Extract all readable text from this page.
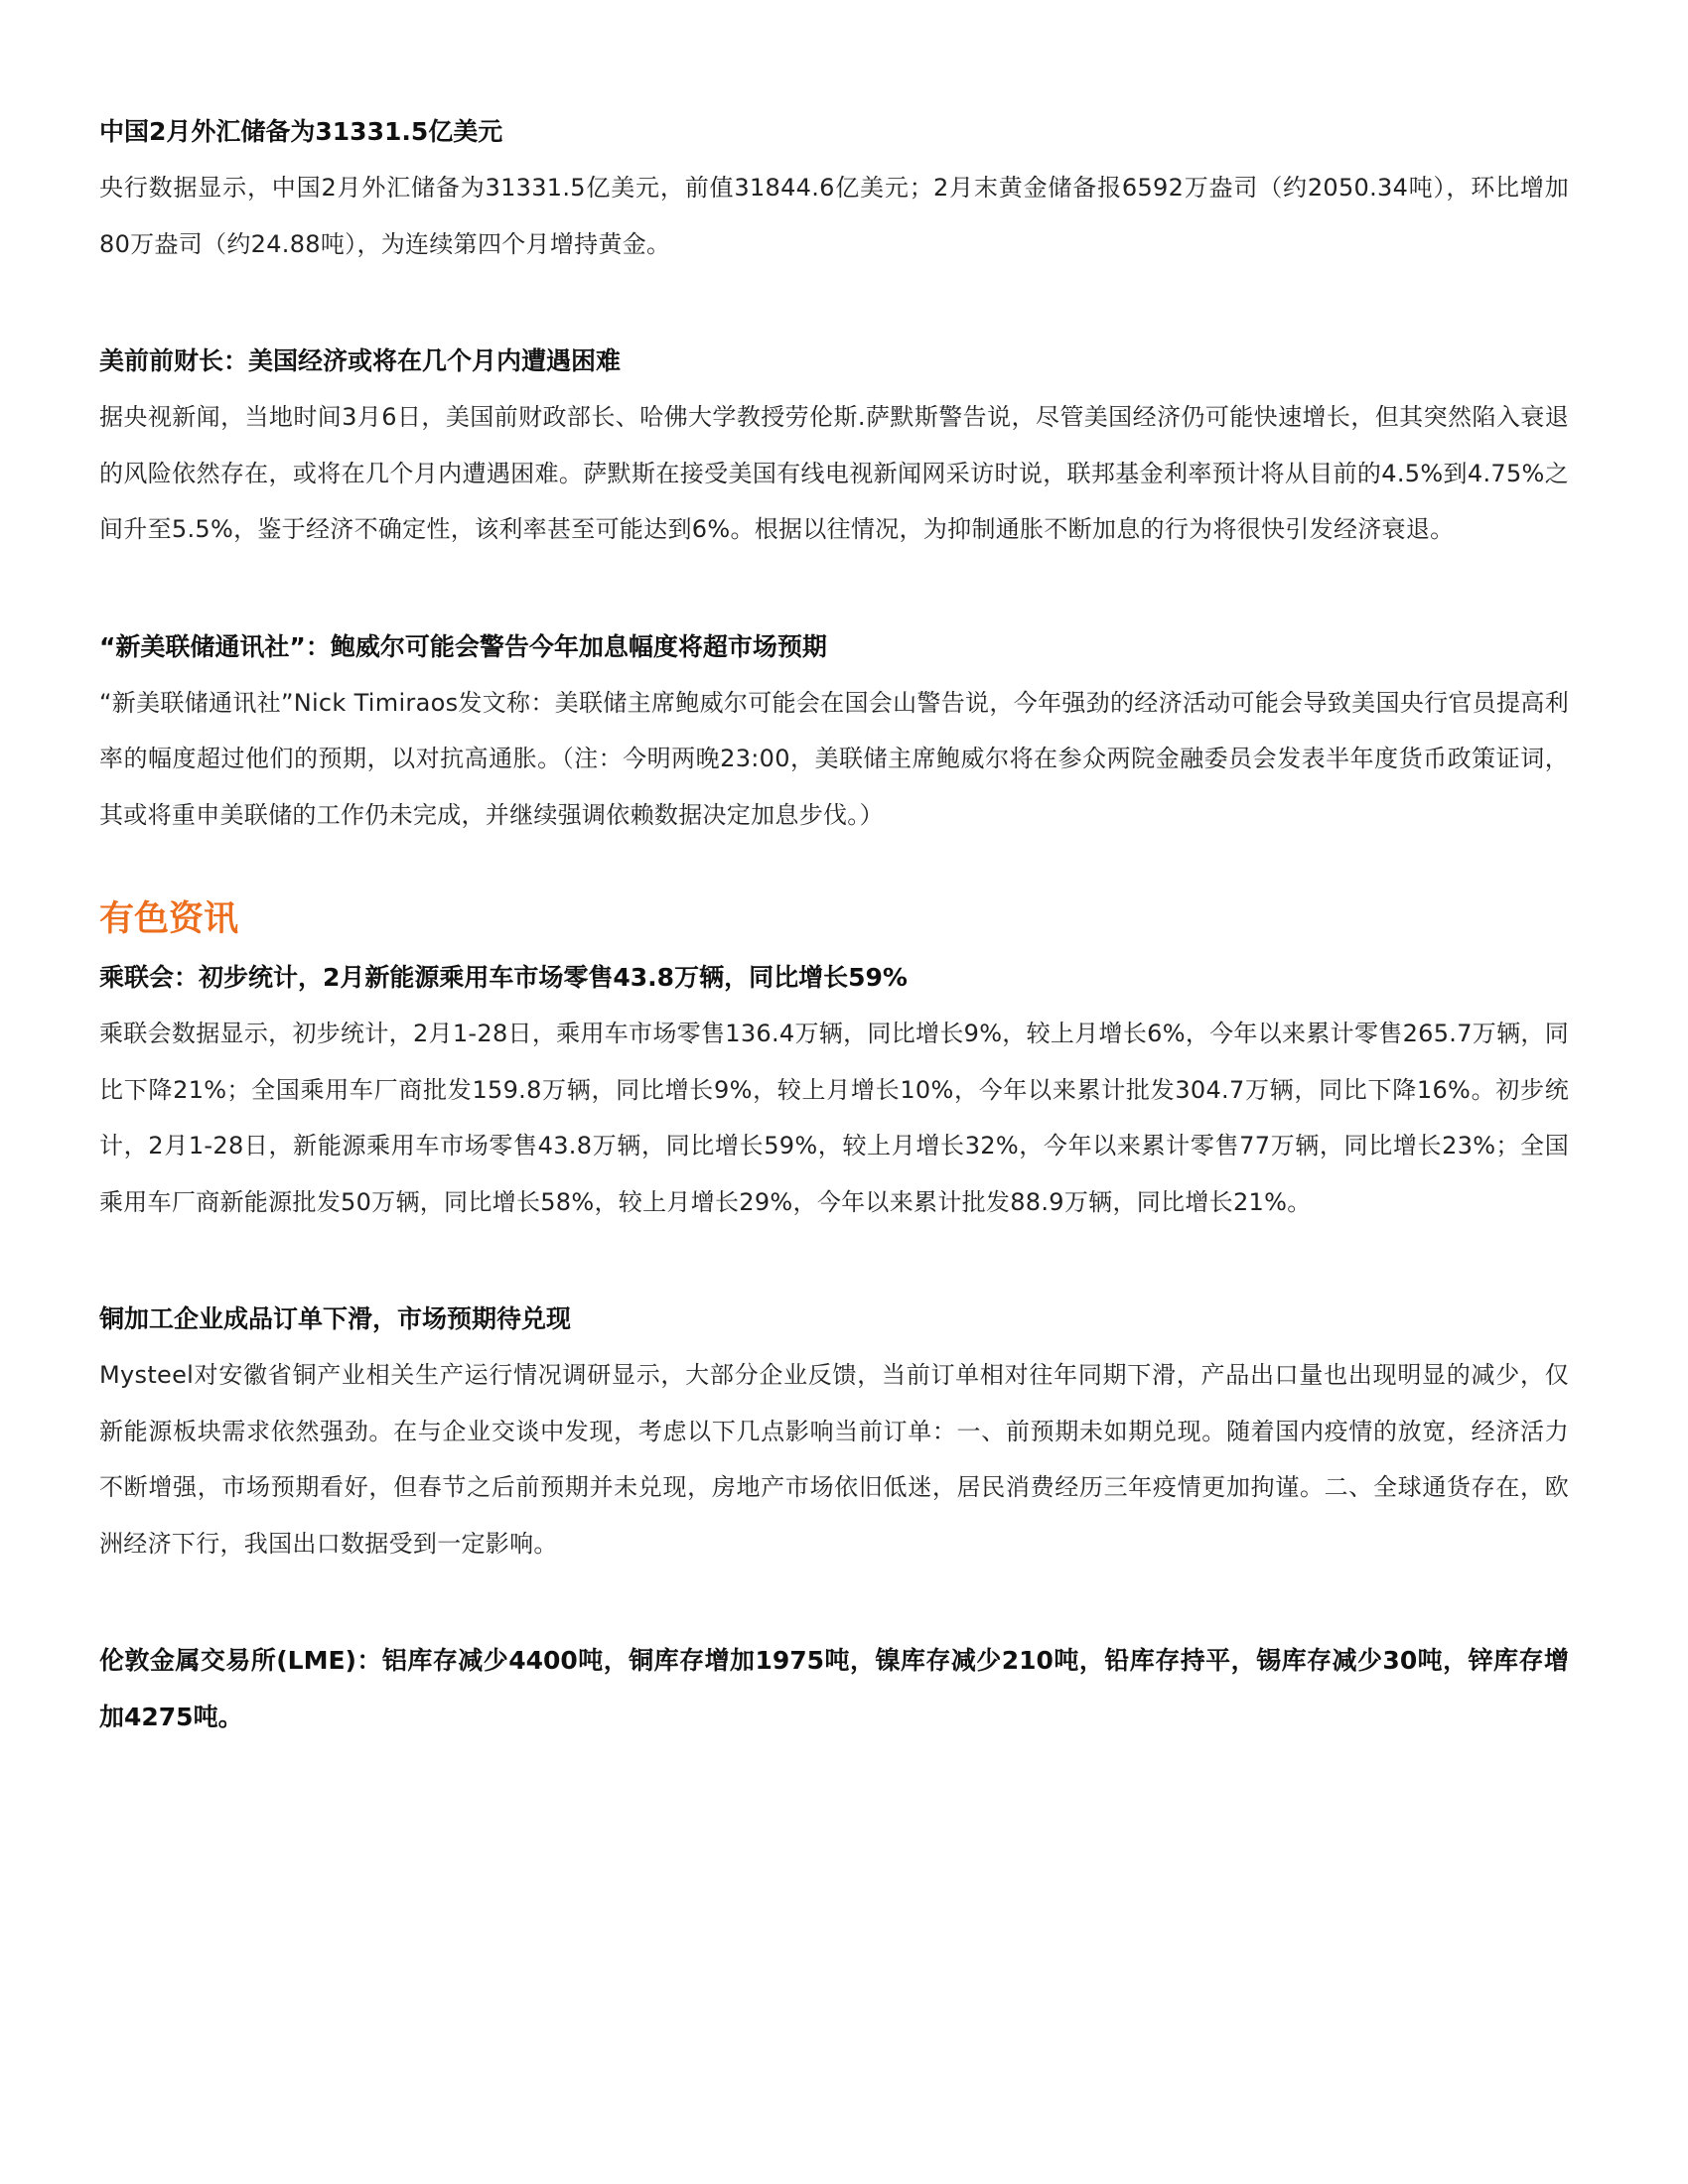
中国2月外汇储备为31331.5亿美元

央行数据显示，中国2月外汇储备为31331.5亿美元，前值31844.6亿美元；2月末黄金储备报6592万盎司（约2050.34吨），环比增加80万盎司（约24.88吨），为连续第四个月增持黄金。

美前前财长：美国经济或将在几个月内遭遇困难

据央视新闻，当地时间3月6日，美国前财政部长、哈佛大学教授劳伦斯.萨默斯警告说，尽管美国经济仍可能快速增长，但其突然陷入衰退的风险依然存在，或将在几个月内遭遇困难。萨默斯在接受美国有线电视新闻网采访时说，联邦基金利率预计将从目前的4.5%到4.75%之间升至5.5%，鉴于经济不确定性，该利率甚至可能达到6%。根据以往情况，为抑制通胀不断加息的行为将很快引发经济衰退。

“新美联储通讯社”：鲍威尔可能会警告今年加息幅度将超市场预期

“新美联储通讯社”Nick Timiraos发文称：美联储主席鲍威尔可能会在国会山警告说，今年强劲的经济活动可能会导致美国央行官员提高利率的幅度超过他们的预期，以对抗高通胀。（注：今明两晚23:00，美联储主席鲍威尔将在参众两院金融委员会发表半年度货币政策证词，其或将重申美联储的工作仍未完成，并继续强调依赖数据决定加息步伐。）

有色资讯

乘联会：初步统计，2月新能源乘用车市场零售43.8万辆，同比增长59%

乘联会数据显示，初步统计，2月1-28日，乘用车市场零售136.4万辆，同比增长9%，较上月增长6%，今年以来累计零售265.7万辆，同比下降21%；全国乘用车厂商批发159.8万辆，同比增长9%，较上月增长10%，今年以来累计批发304.7万辆，同比下降16%。初步统计，2月1-28日，新能源乘用车市场零售43.8万辆，同比增长59%，较上月增长32%，今年以来累计零售77万辆，同比增长23%；全国乘用车厂商新能源批发50万辆，同比增长58%，较上月增长29%，今年以来累计批发88.9万辆，同比增长21%。

铜加工企业成品订单下滑，市场预期待兑现

Mysteel对安徽省铜产业相关生产运行情况调研显示，大部分企业反馈，当前订单相对往年同期下滑，产品出口量也出现明显的减少，仅新能源板块需求依然强劲。在与企业交谈中发现，考虑以下几点影响当前订单：一、前预期未如期兑现。随着国内疫情的放宽，经济活力不断增强，市场预期看好，但春节之后前预期并未兑现，房地产市场依旧低迷，居民消费经历三年疫情更加拘谨。二、全球通货存在，欧洲经济下行，我国出口数据受到一定影响。

伦敦金属交易所(LME)：铝库存减少4400吨，铜库存增加1975吨，镍库存减少210吨，铅库存持平，锡库存减少30吨，锌库存增加4275吨。
